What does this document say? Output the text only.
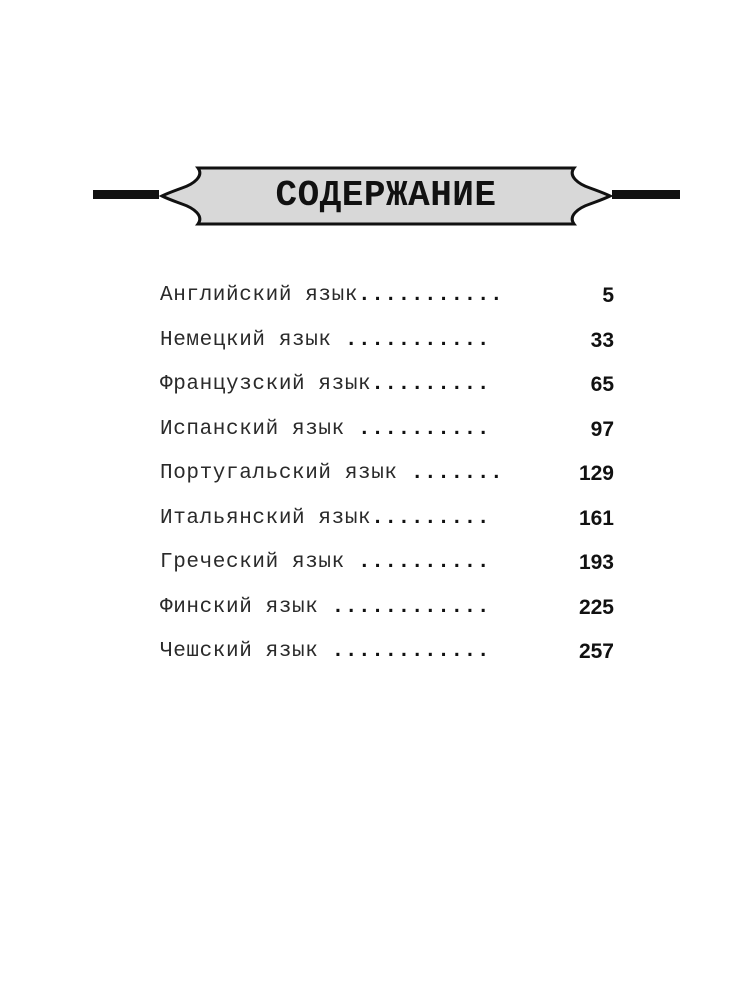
СОДЕРЖАНИЕ
Английский язык...........	5
Немецкий язык ...........	33
Французский язык.........	65
Испанский язык ..........	97
Португальский язык .......	129
Итальянский язык.........	161
Греческий язык ..........	193
Финский язык ............	225
Чешский язык ............	257
